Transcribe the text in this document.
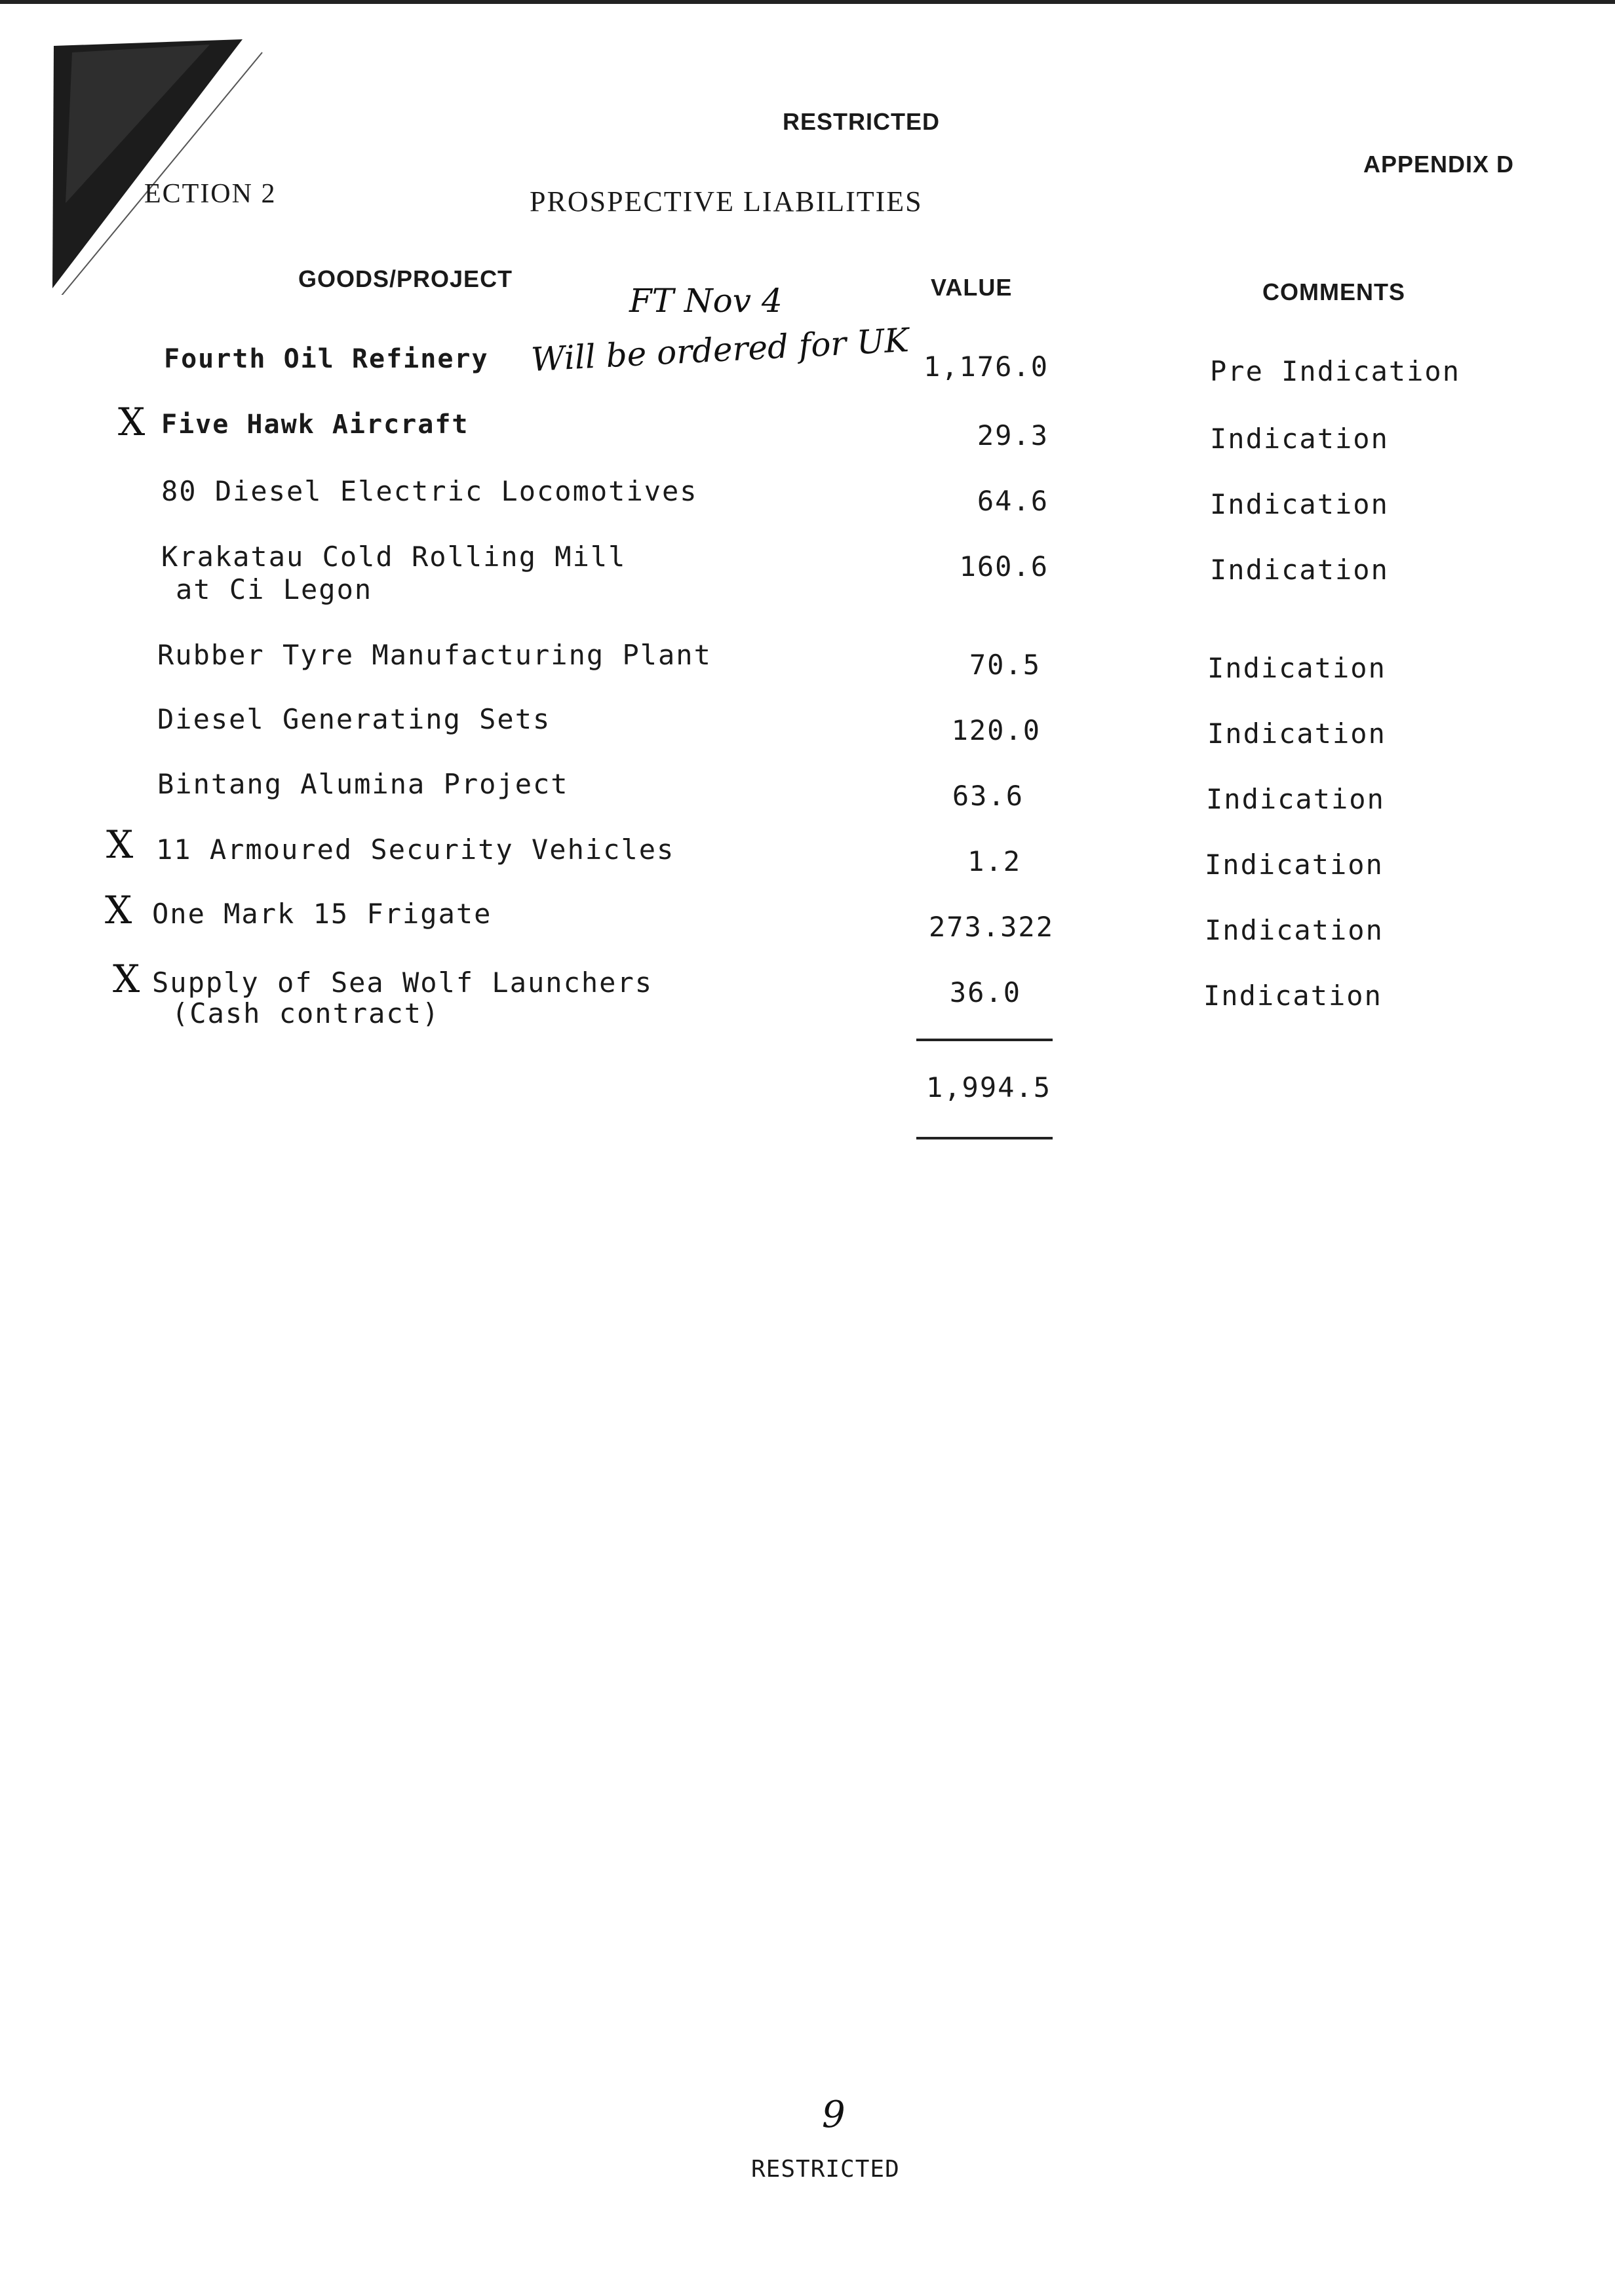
RESTRICTED
APPENDIX D
ECTION 2	PROSPECTIVE LIABILITIES
GOODS/PROJECT	VALUE	COMMENTS
FT Nov 4
Will be ordered for UK
Fourth Oil Refinery	1,176.0	Pre Indication
X Five Hawk Aircraft	29.3	Indication
80 Diesel Electric Locomotives	64.6	Indication
Krakatau Cold Rolling Mill
at Ci Legon
160.6	Indication
Rubber Tyre Manufacturing Plant	70.5	Indication
Diesel Generating Sets	120.0	Indication
Bintang Alumina Project	63.6	Indication
X 11 Armoured Security Vehicles	1.2	Indication
X One Mark 15 Frigate	273.322	Indication
X Supply of Sea Wolf Launchers
(Cash contract)
36.0	Indication
1,994.5
9
RESTRICTED
